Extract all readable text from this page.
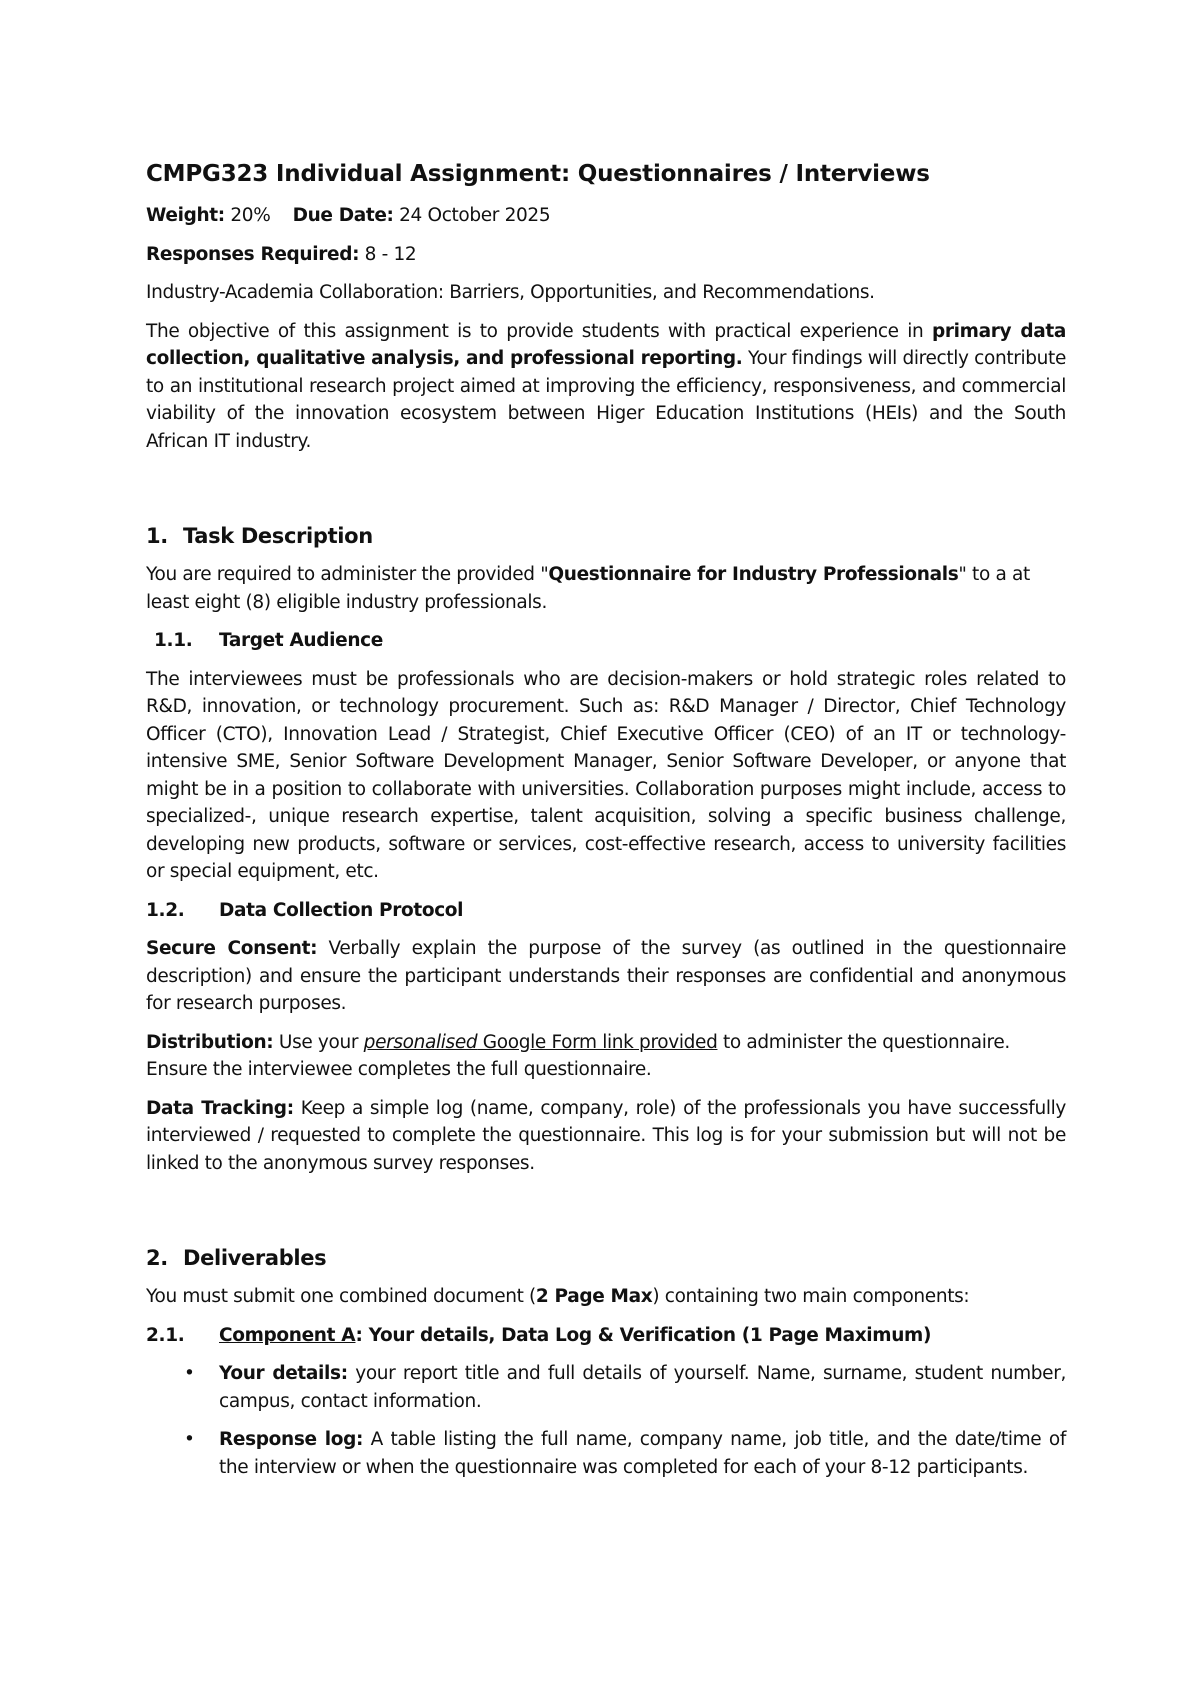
CMPG323 Individual Assignment: Questionnaires / Interviews

Weight: 20% Due Date: 24 October 2025

Responses Required: 8 - 12

Industry-Academia Collaboration: Barriers, Opportunities, and Recommendations.

The objective of this assignment is to provide students with practical experience in primary data collection, qualitative analysis, and professional reporting. Your findings will directly contribute to an institutional research project aimed at improving the efficiency, responsiveness, and commercial viability of the innovation ecosystem between Higer Education Institutions (HEIs) and the South African IT industry.

1. Task Description

You are required to administer the provided "Questionnaire for Industry Professionals" to a at least eight (8) eligible industry professionals.

1.1.	Target Audience

The interviewees must be professionals who are decision-makers or hold strategic roles related to R&D, innovation, or technology procurement. Such as: R&D Manager / Director, Chief Technology Officer (CTO), Innovation Lead / Strategist, Chief Executive Officer (CEO) of an IT or technology-intensive SME, Senior Software Development Manager, Senior Software Developer, or anyone that might be in a position to collaborate with universities. Collaboration purposes might include, access to specialized-, unique research expertise, talent acquisition, solving a specific business challenge, developing new products, software or services, cost-effective research, access to university facilities or special equipment, etc.

1.2.	Data Collection Protocol

Secure Consent: Verbally explain the purpose of the survey (as outlined in the questionnaire description) and ensure the participant understands their responses are confidential and anonymous for research purposes.

Distribution: Use your personalised Google Form link provided to administer the questionnaire. Ensure the interviewee completes the full questionnaire.

Data Tracking: Keep a simple log (name, company, role) of the professionals you have successfully interviewed / requested to complete the questionnaire. This log is for your submission but will not be linked to the anonymous survey responses.

2. Deliverables

You must submit one combined document (2 Page Max) containing two main components:

2.1.	Component A: Your details, Data Log & Verification (1 Page Maximum)
• Your details: your report title and full details of yourself. Name, surname, student number, campus, contact information.
• Response log: A table listing the full name, company name, job title, and the date/time of the interview or when the questionnaire was completed for each of your 8-12 participants.
